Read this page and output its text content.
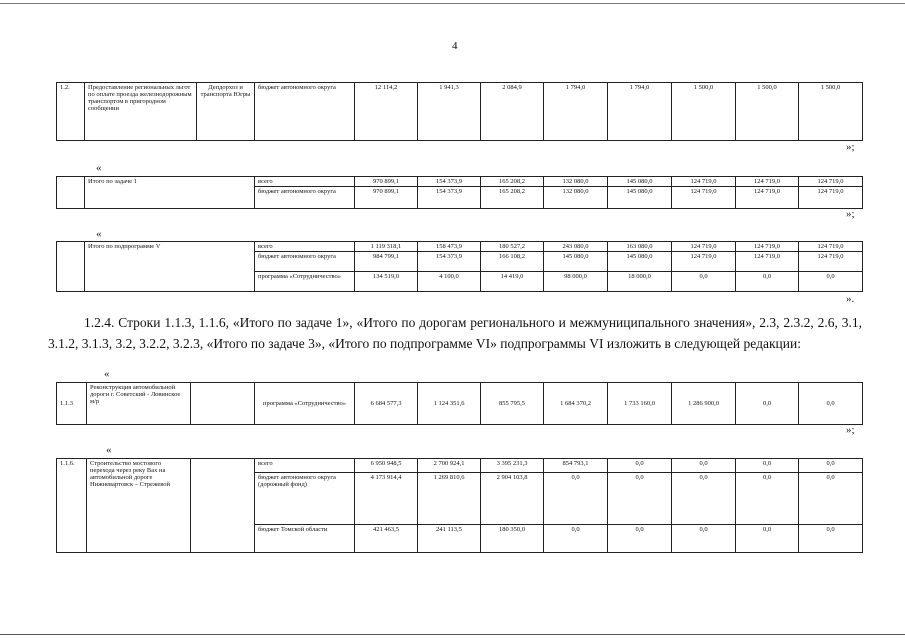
4
1.2.	Предоставление региональных льгот по оплате проезда железнодорожным транспортом в пригородном сообщении	Депдорхоз и транспорта Югры	бюджет автономного округа	12 114,2	1 941,3	2 084,9	1 794,0	1 794,0	1 500,0	1 500,0	1 500,0
»;
«
	Итого по задаче 1	всего	970 899,1	154 373,9	165 208,2	132 080,0	145 080,0	124 719,0	124 719,0	124 719,0
		бюджет автономного округа	970 899,1	154 373,9	165 208,2	132 080,0	145 080,0	124 719,0	124 719,0	124 719,0
»;
«
	Итого по подпрограмме V	всего	1 119 318,1	158 473,9	180 527,2	243 080,0	163 080,0	124 719,0	124 719,0	124 719,0
		бюджет автономного округа	984 799,1	154 373,9	166 108,2	145 080,0	145 080,0	124 719,0	124 719,0	124 719,0
		программа «Сотрудничество»	134 519,0	4 100,0	14 419,0	98 000,0	18 000,0	0,0	0,0	0,0
».
1.2.4. Строки 1.1.3, 1.1.6, «Итого по задаче 1», «Итого по дорогам регионального и межмуниципального значения», 2.3, 2.3.2, 2.6, 3.1, 3.1.2, 3.1.3, 3.2, 3.2.2, 3.2.3, «Итого по задаче 3», «Итого по подпрограмме VI» подпрограммы VI изложить в следующей редакции:
«
1.1.3	Реконструкция автомобильной дороги г. Советский - Ловинское м/р		программа «Сотрудничество»	6 684 577,3	1 124 351,6	855 795,5	1 684 370,2	1 733 160,0	1 286 900,0	0,0	0,0
»;
«
1.1.6.	Строительство мостового перехода через реку Вах на автомобильной дороге Нижневартовск – Стрежевой		всего	6 950 948,5	2 700 924,1	3 395 231,3	854 793,1	0,0	0,0	0,0	0,0
			бюджет автономного округа (дорожный фонд)	4 173 914,4	1 269 810,6	2 904 103,8	0,0	0,0	0,0	0,0	0,0
			бюджет Томской области	421 463,5	241 113,5	180 350,0	0,0	0,0	0,0	0,0	0,0
